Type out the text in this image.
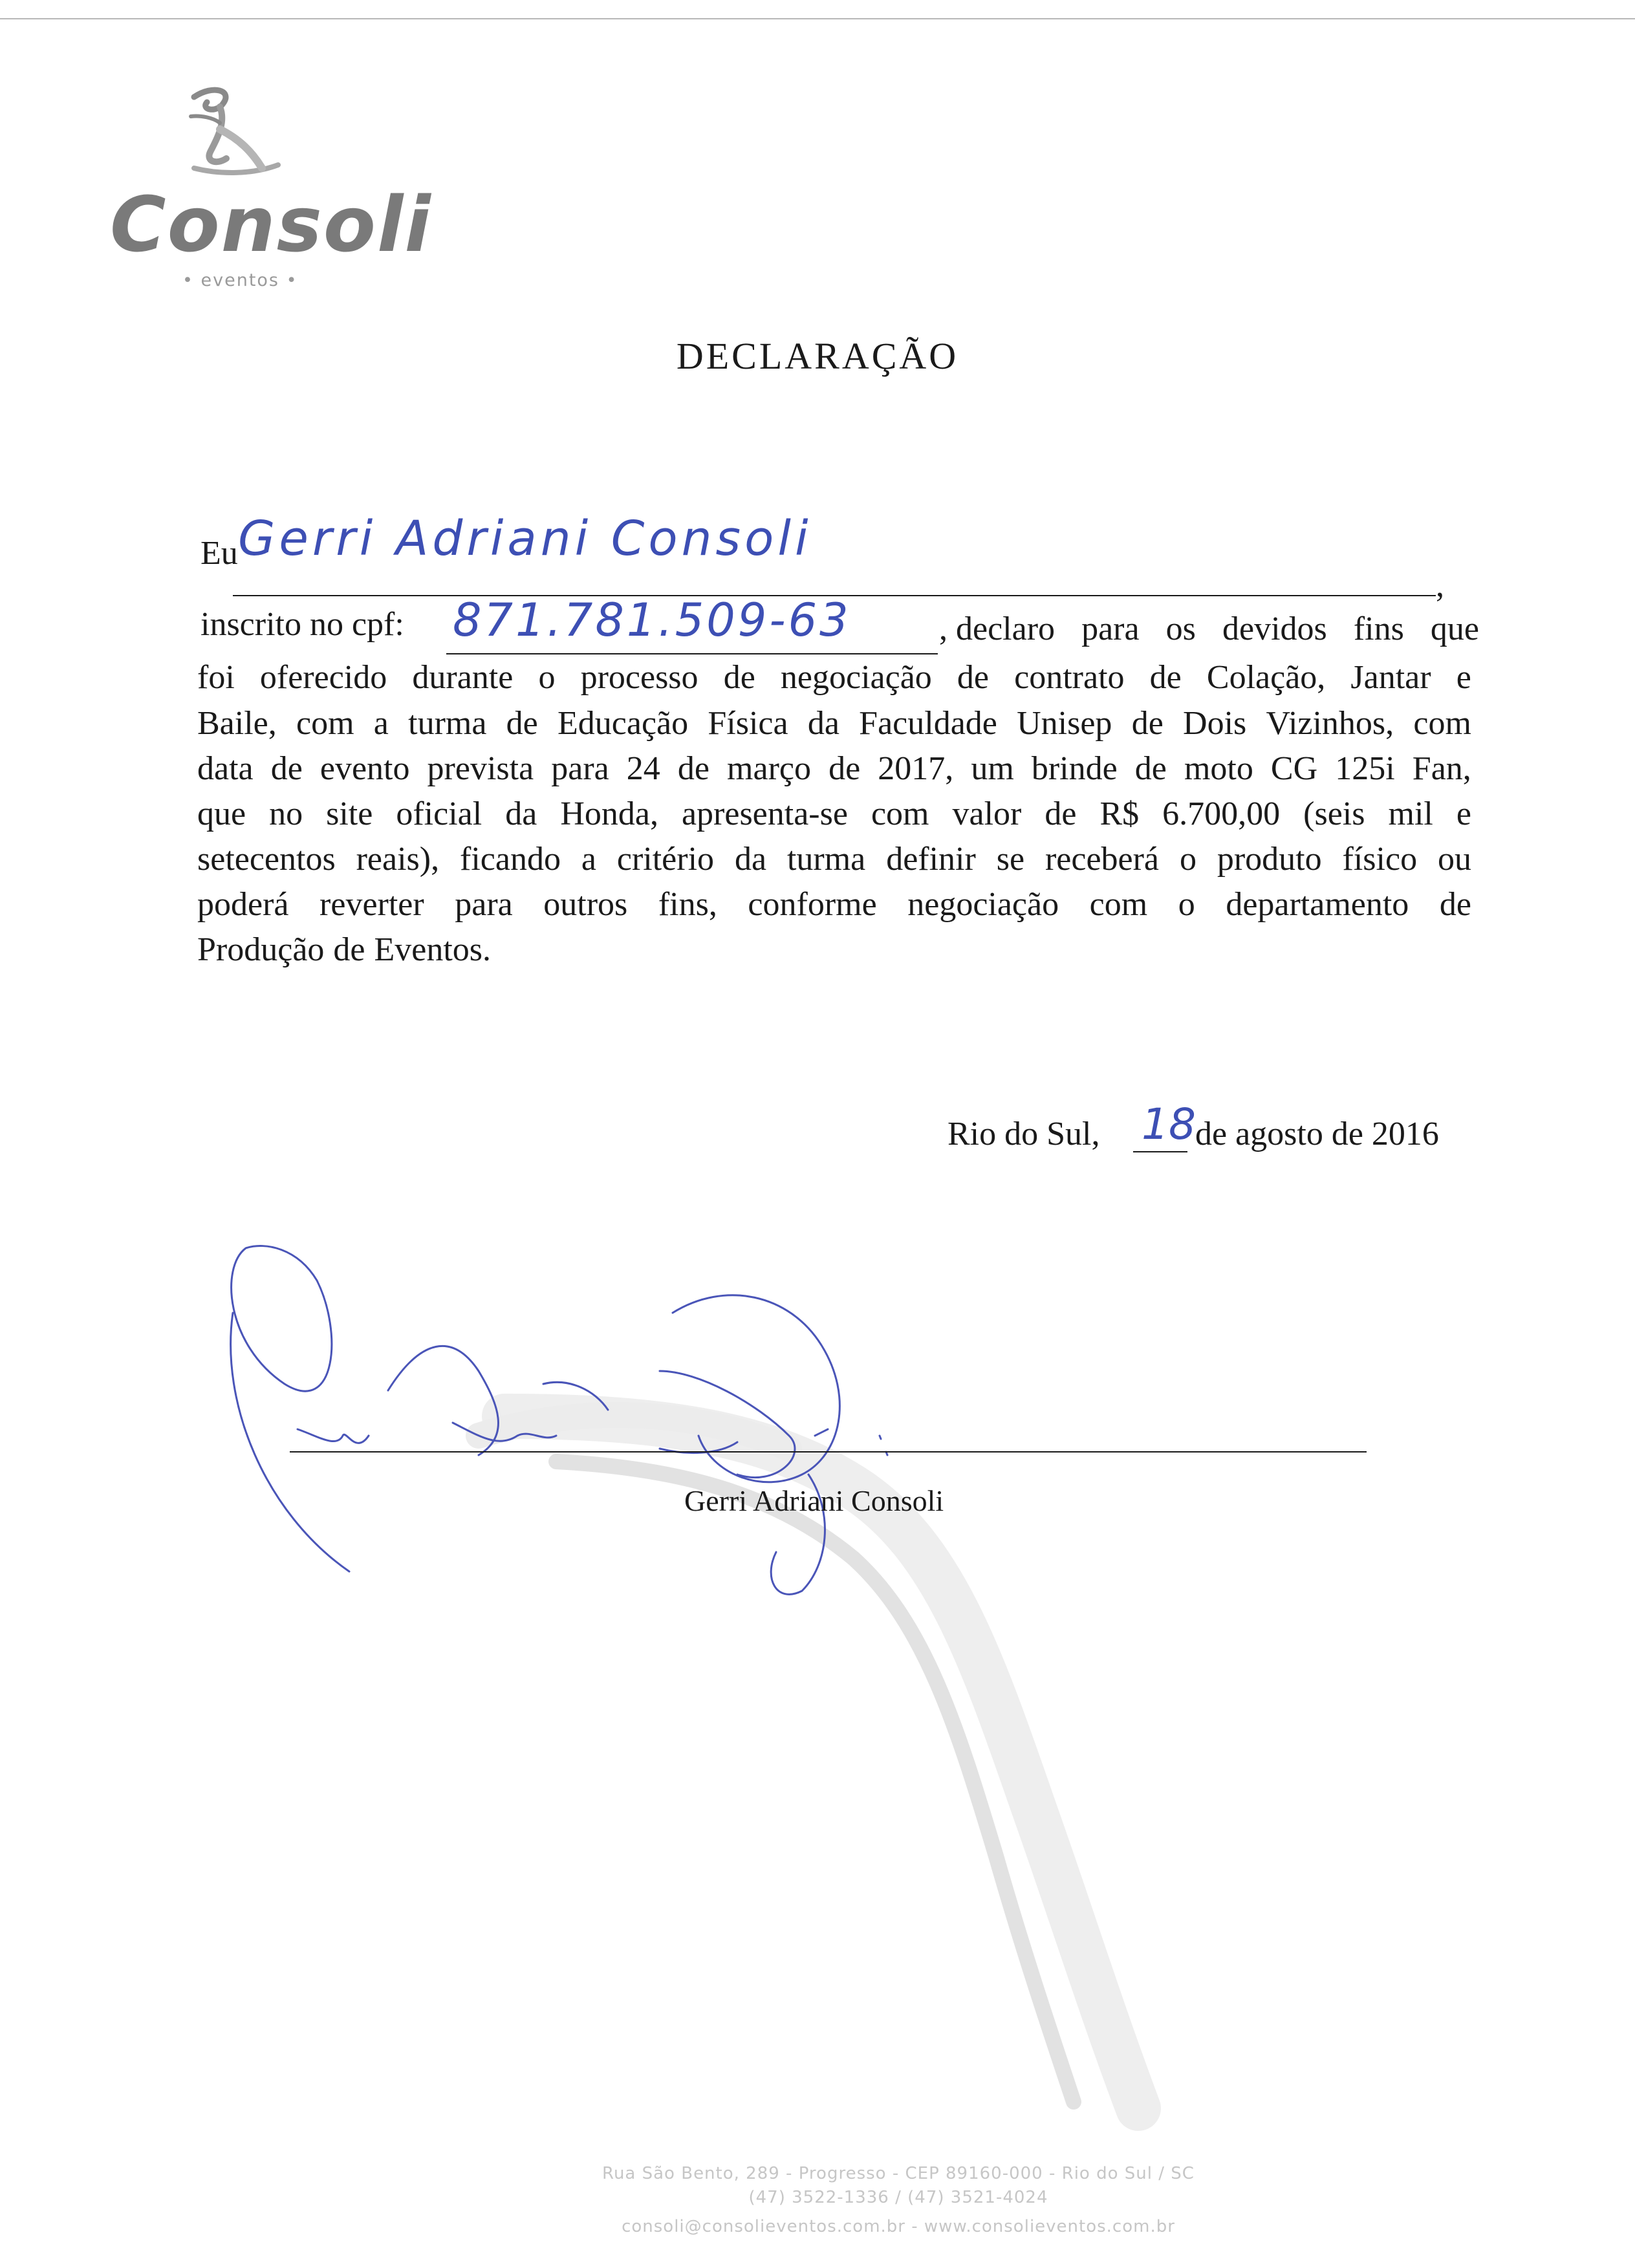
Consoli
• eventos •
DECLARAÇÃO
Eu Gerri Adriani Consoli
,
inscrito no cpf: 871.781.509-63	, declaro para os devidos fins que
foi oferecido durante o processo de negociação de contrato de Colação, Jantar e
Baile, com a turma de Educação Física da Faculdade Unisep de Dois Vizinhos, com
data de evento prevista para 24 de março de 2017, um brinde de moto CG 125i Fan,
que no site oficial da Honda, apresenta-se com valor de R$ 6.700,00 (seis mil e
setecentos reais), ficando a critério da turma definir se receberá o produto físico ou
poderá reverter para outros fins, conforme negociação com o departamento de
Produção de Eventos.
Rio do Sul, 18 de agosto de 2016
Gerri Adriani Consoli
Rua São Bento, 289 - Progresso - CEP 89160-000 - Rio do Sul / SC
(47) 3522-1336 / (47) 3521-4024
consoli@consolieventos.com.br - www.consolieventos.com.br
